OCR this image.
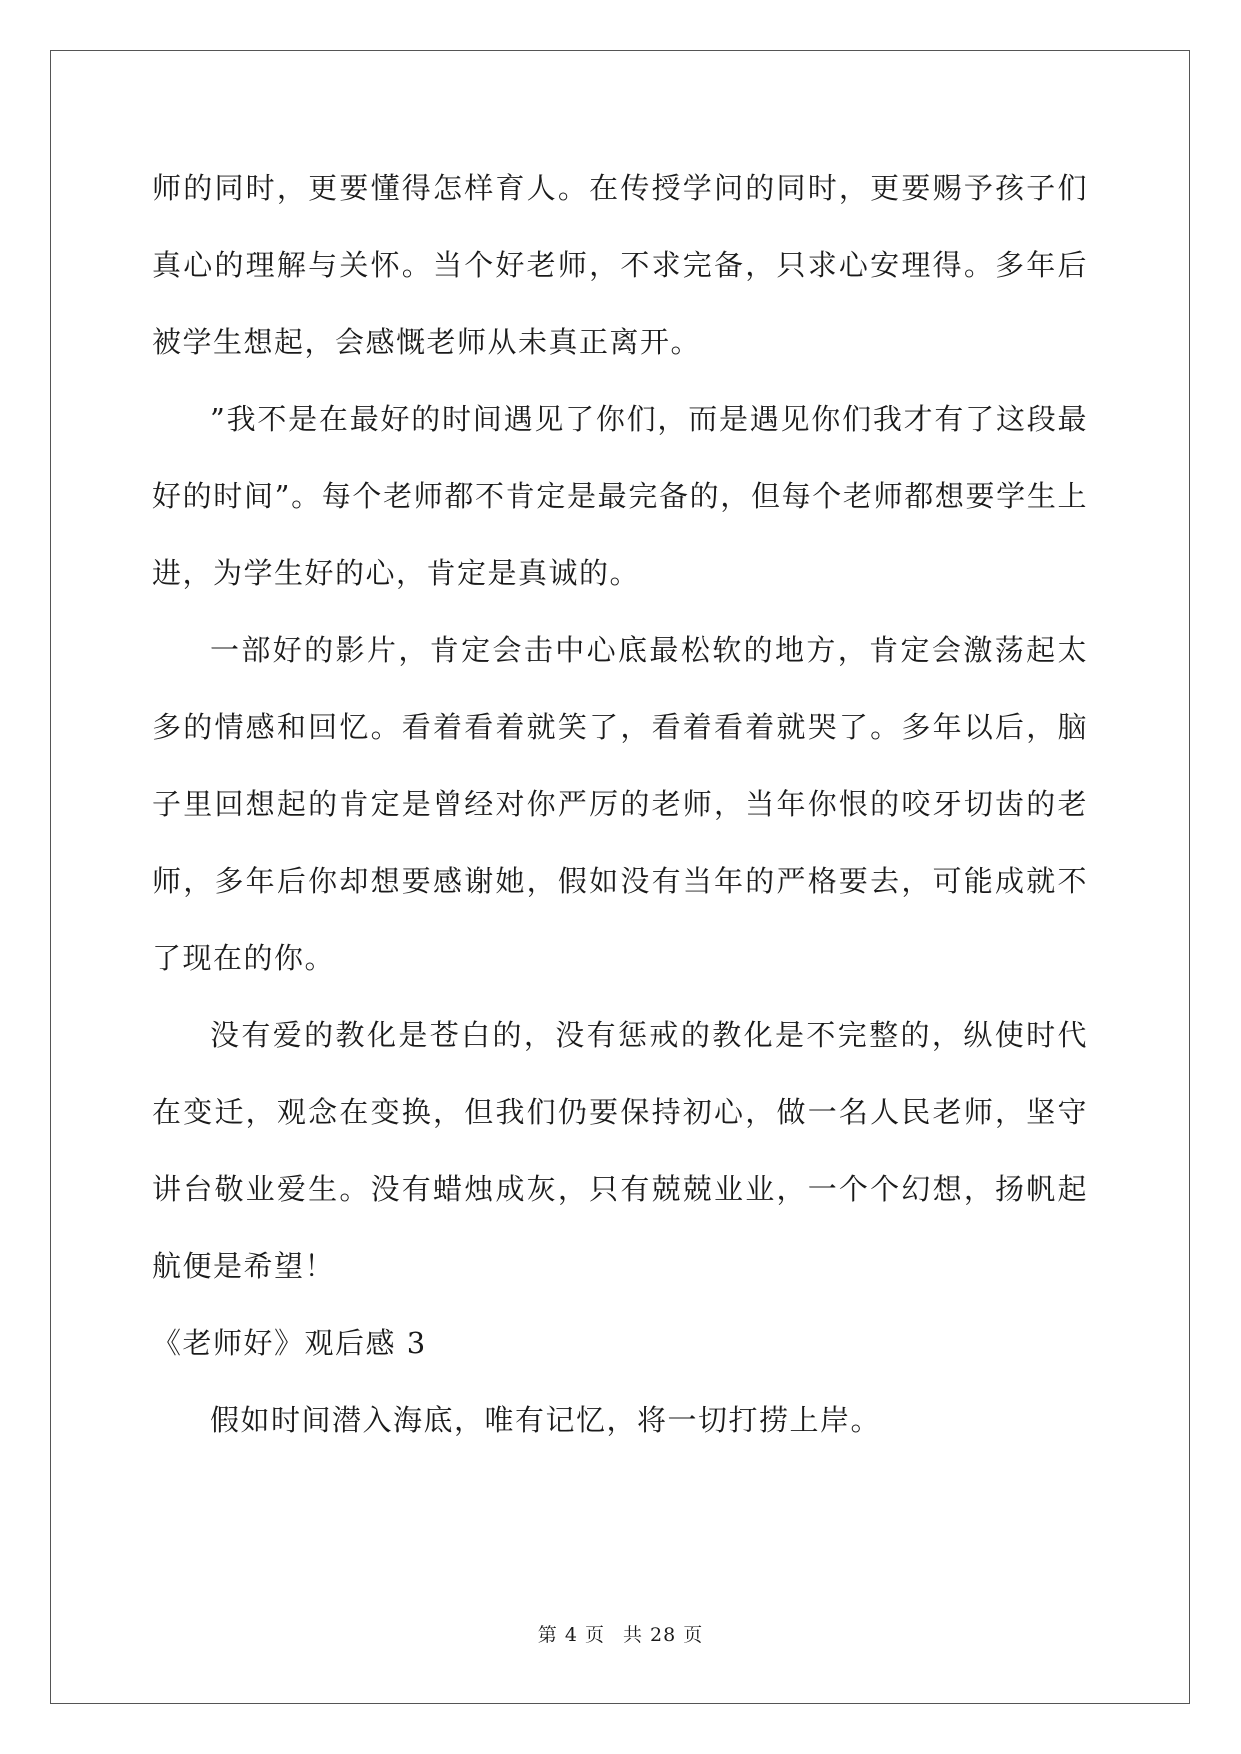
师的同时，更要懂得怎样育人。在传授学问的同时，更要赐予孩子们真心的理解与关怀。当个好老师，不求完备，只求心安理得。多年后被学生想起，会感慨老师从未真正离开。

”我不是在最好的时间遇见了你们，而是遇见你们我才有了这段最好的时间”。每个老师都不肯定是最完备的，但每个老师都想要学生上进，为学生好的心，肯定是真诚的。

一部好的影片，肯定会击中心底最松软的地方，肯定会激荡起太多的情感和回忆。看着看着就笑了，看着看着就哭了。多年以后，脑子里回想起的肯定是曾经对你严厉的老师，当年你恨的咬牙切齿的老师，多年后你却想要感谢她，假如没有当年的严格要去，可能成就不了现在的你。

没有爱的教化是苍白的，没有惩戒的教化是不完整的，纵使时代在变迁，观念在变换，但我们仍要保持初心，做一名人民老师，坚守讲台敬业爱生。没有蜡烛成灰，只有兢兢业业，一个个幻想，扬帆起航便是希望！

《老师好》观后感 3

假如时间潜入海底，唯有记忆，将一切打捞上岸。

第 4 页 共 28 页
